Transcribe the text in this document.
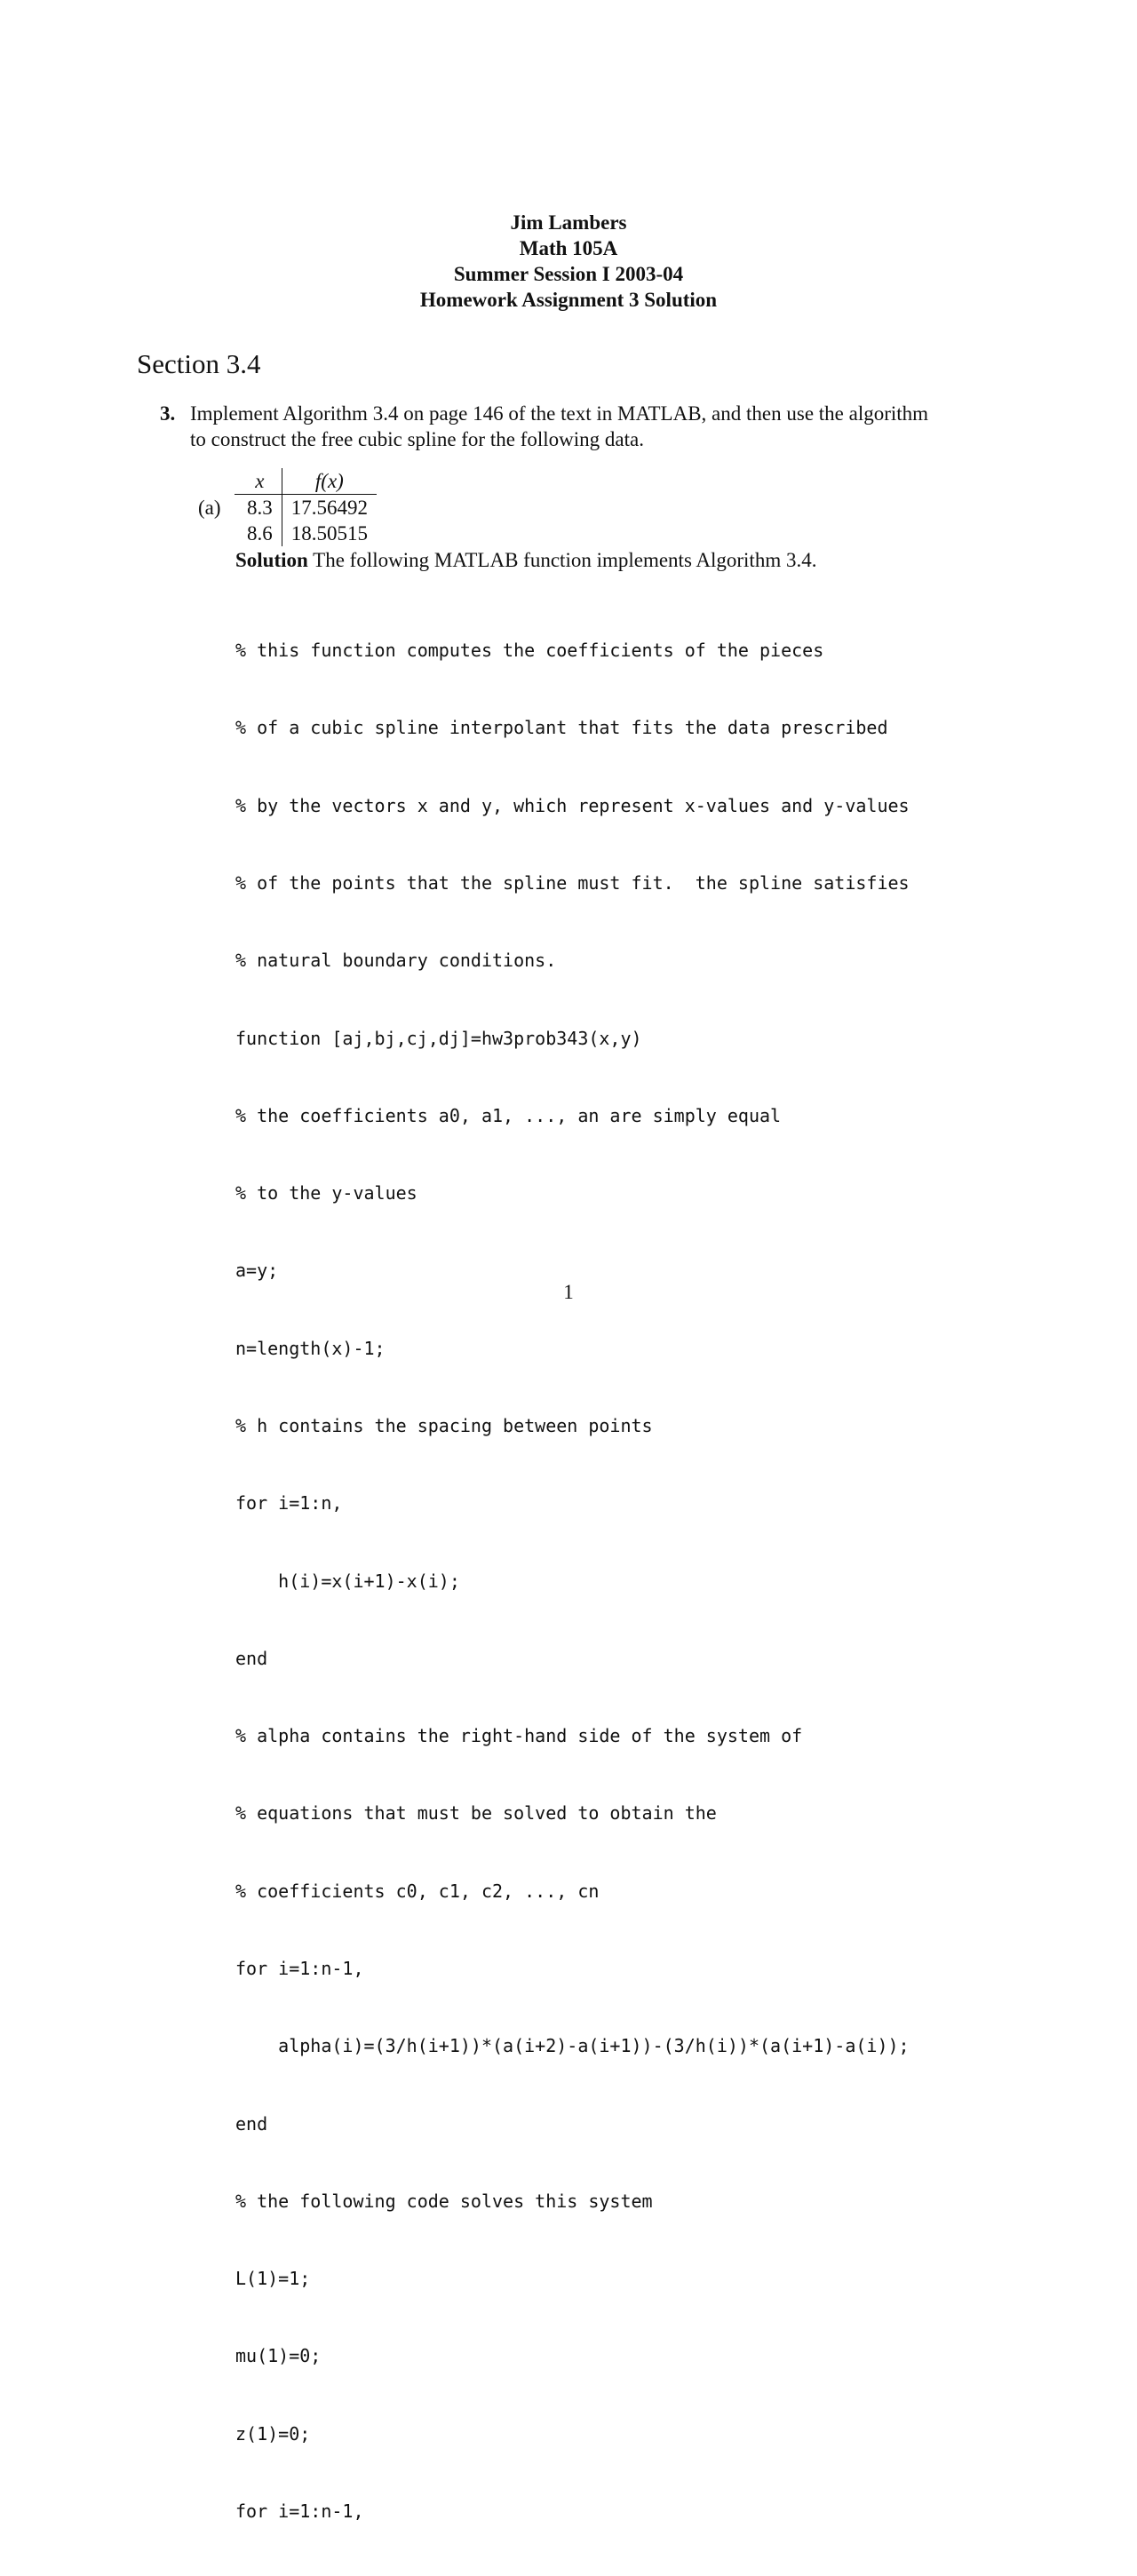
Jim Lambers
Math 105A
Summer Session I 2003-04
Homework Assignment 3 Solution
Section 3.4
3. Implement Algorithm 3.4 on page 146 of the text in MATLAB, and then use the algorithm
to construct the free cubic spline for the following data.
(a)
x	f(x)
8.3	17.56492
8.6	18.50515
Solution The following MATLAB function implements Algorithm 3.4.

% this function computes the coefficients of the pieces

% of a cubic spline interpolant that fits the data prescribed

% by the vectors x and y, which represent x-values and y-values

% of the points that the spline must fit.  the spline satisfies

% natural boundary conditions.

function [aj,bj,cj,dj]=hw3prob343(x,y)

% the coefficients a0, a1, ..., an are simply equal

% to the y-values

a=y;

n=length(x)-1;

% h contains the spacing between points

for i=1:n,

h(i)=x(i+1)-x(i);

end

% alpha contains the right-hand side of the system of

% equations that must be solved to obtain the

% coefficients c0, c1, c2, ..., cn

for i=1:n-1,

alpha(i)=(3/h(i+1))*(a(i+2)-a(i+1))-(3/h(i))*(a(i+1)-a(i));

end

% the following code solves this system

L(1)=1;

mu(1)=0;

z(1)=0;

for i=1:n-1,

1
